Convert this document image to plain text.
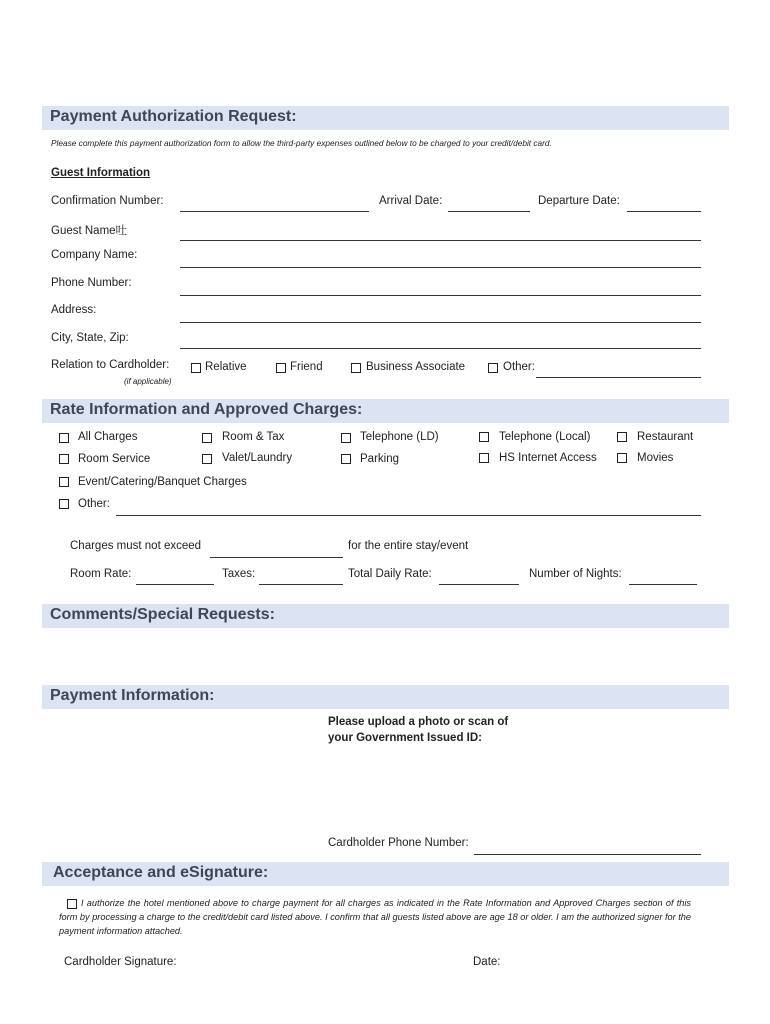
Payment Authorization Request:
Please complete this payment authorization form to allow the third-party expenses outlined below to be charged to your credit/debit card.
Guest Information
Confirmation Number:	Arrival Date:	Departure Date:
Guest Name吐
Company Name:
Phone Number:
Address:
City, State, Zip:
Relation to Cardholder:
(if applicable)
Relative	Friend	Business Associate	Other:
Rate Information and Approved Charges:
All Charges	Room & Tax	Telephone (LD)	Telephone (Local)	Restaurant
Room Service	Valet/Laundry	Parking	HS Internet Access	Movies
Event/Catering/Banquet Charges
Other:
Charges must not exceed	for the entire stay/event
Room Rate:	Taxes:	Total Daily Rate:	Number of Nights:
Comments/Special Requests:
Payment Information:
Please upload a photo or scan of
your Government Issued ID:
Cardholder Phone Number:
Acceptance and eSignature:
I authorize the hotel mentioned above to charge payment for all charges as indicated in the Rate Information and Approved Charges section of this form by processing a charge to the credit/debit card listed above. I confirm that all guests listed above are age 18 or older. I am the authorized signer for the payment information attached.
Cardholder Signature:	Date:
